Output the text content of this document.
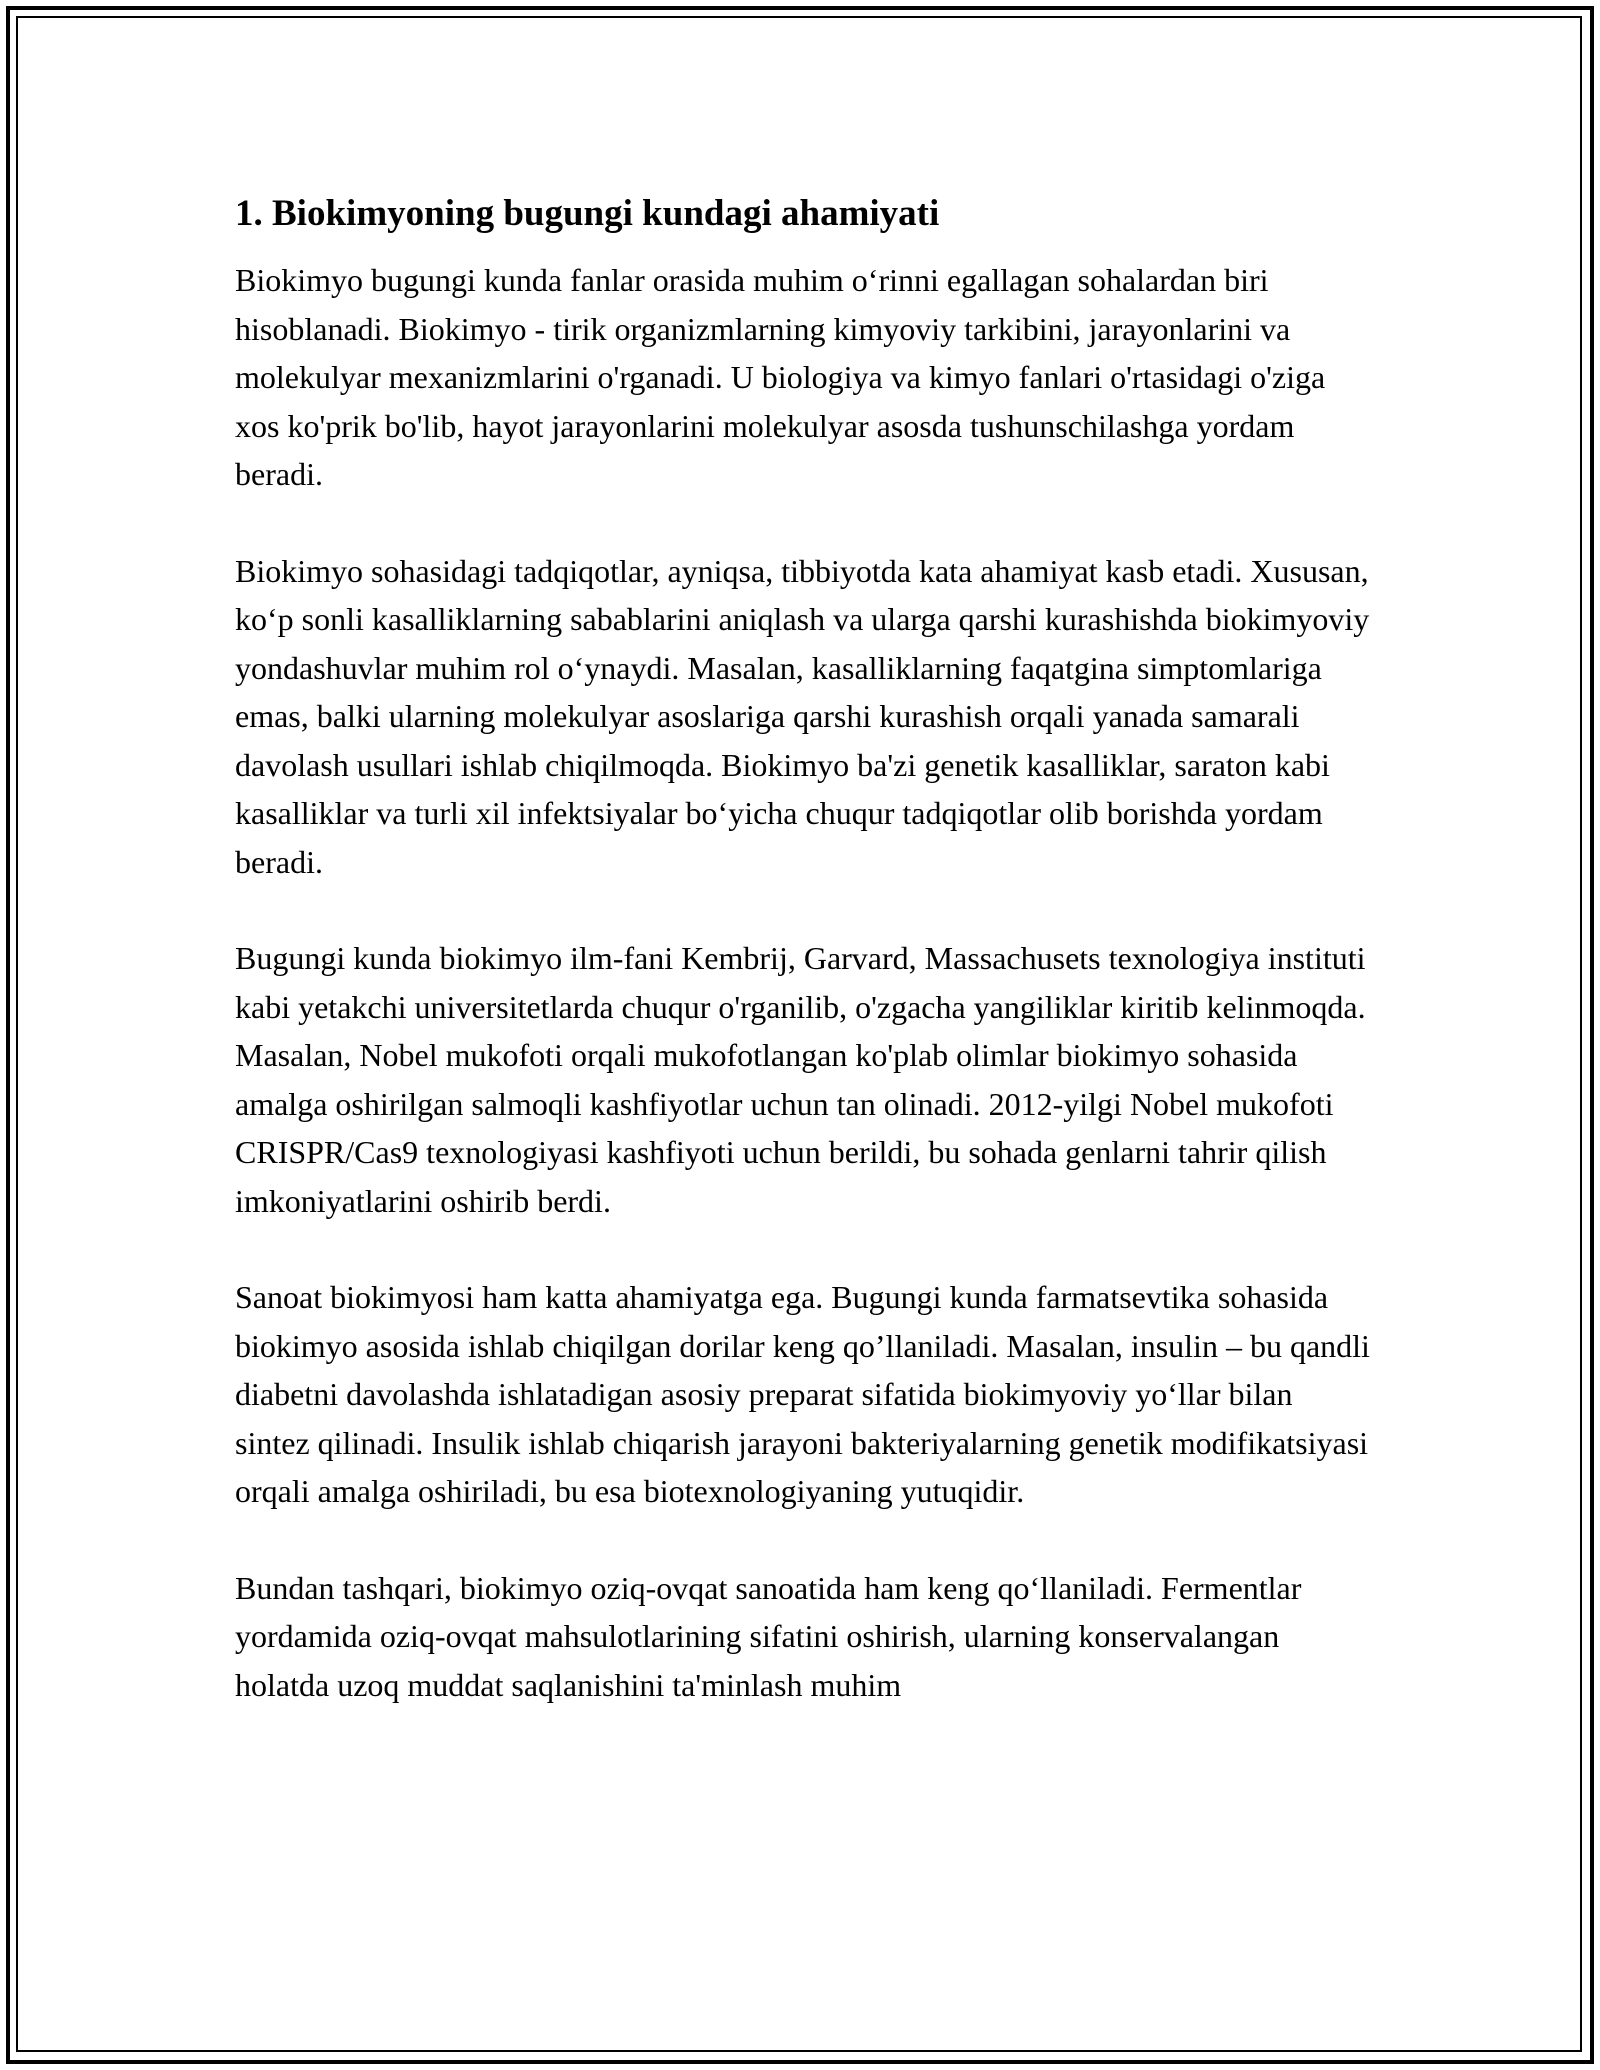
1. Biokimyoning bugungi kundagi ahamiyati

Biokimyo bugungi kunda fanlar orasida muhim o‘rinni egallagan sohalardan biri hisoblanadi. Biokimyo - tirik organizmlarning kimyoviy tarkibini, jarayonlarini va molekulyar mexanizmlarini o'rganadi. U biologiya va kimyo fanlari o'rtasidagi o'ziga xos ko'prik bo'lib, hayot jarayonlarini molekulyar asosda tushunschilashga yordam beradi.

Biokimyo sohasidagi tadqiqotlar, ayniqsa, tibbiyotda kata ahamiyat kasb etadi. Xususan, ko‘p sonli kasalliklarning sabablarini aniqlash va ularga qarshi kurashishda biokimyoviy yondashuvlar muhim rol o‘ynaydi. Masalan, kasalliklarning faqatgina simptomlariga emas, balki ularning molekulyar asoslariga qarshi kurashish orqali yanada samarali davolash usullari ishlab chiqilmoqda. Biokimyo ba'zi genetik kasalliklar, saraton kabi kasalliklar va turli xil infektsiyalar bo‘yicha chuqur tadqiqotlar olib borishda yordam beradi.

Bugungi kunda biokimyo ilm-fani Kembrij, Garvard, Massachusets texnologiya instituti kabi yetakchi universitetlarda chuqur o'rganilib, o'zgacha yangiliklar kiritib kelinmoqda. Masalan, Nobel mukofoti orqali mukofotlangan ko'plab olimlar biokimyo sohasida amalga oshirilgan salmoqli kashfiyotlar uchun tan olinadi. 2012-yilgi Nobel mukofoti CRISPR/Cas9 texnologiyasi kashfiyoti uchun berildi, bu sohada genlarni tahrir qilish imkoniyatlarini oshirib berdi.

Sanoat biokimyosi ham katta ahamiyatga ega. Bugungi kunda farmatsevtika sohasida biokimyo asosida ishlab chiqilgan dorilar keng qo’llaniladi. Masalan, insulin – bu qandli diabetni davolashda ishlatadigan asosiy preparat sifatida biokimyoviy yo‘llar bilan sintez qilinadi. Insulik ishlab chiqarish jarayoni bakteriyalarning genetik modifikatsiyasi orqali amalga oshiriladi, bu esa biotexnologiyaning yutuqidir.

Bundan tashqari, biokimyo oziq-ovqat sanoatida ham keng qo‘llaniladi. Fermentlar yordamida oziq-ovqat mahsulotlarining sifatini oshirish, ularning konservalangan holatda uzoq muddat saqlanishini ta'minlash muhim
